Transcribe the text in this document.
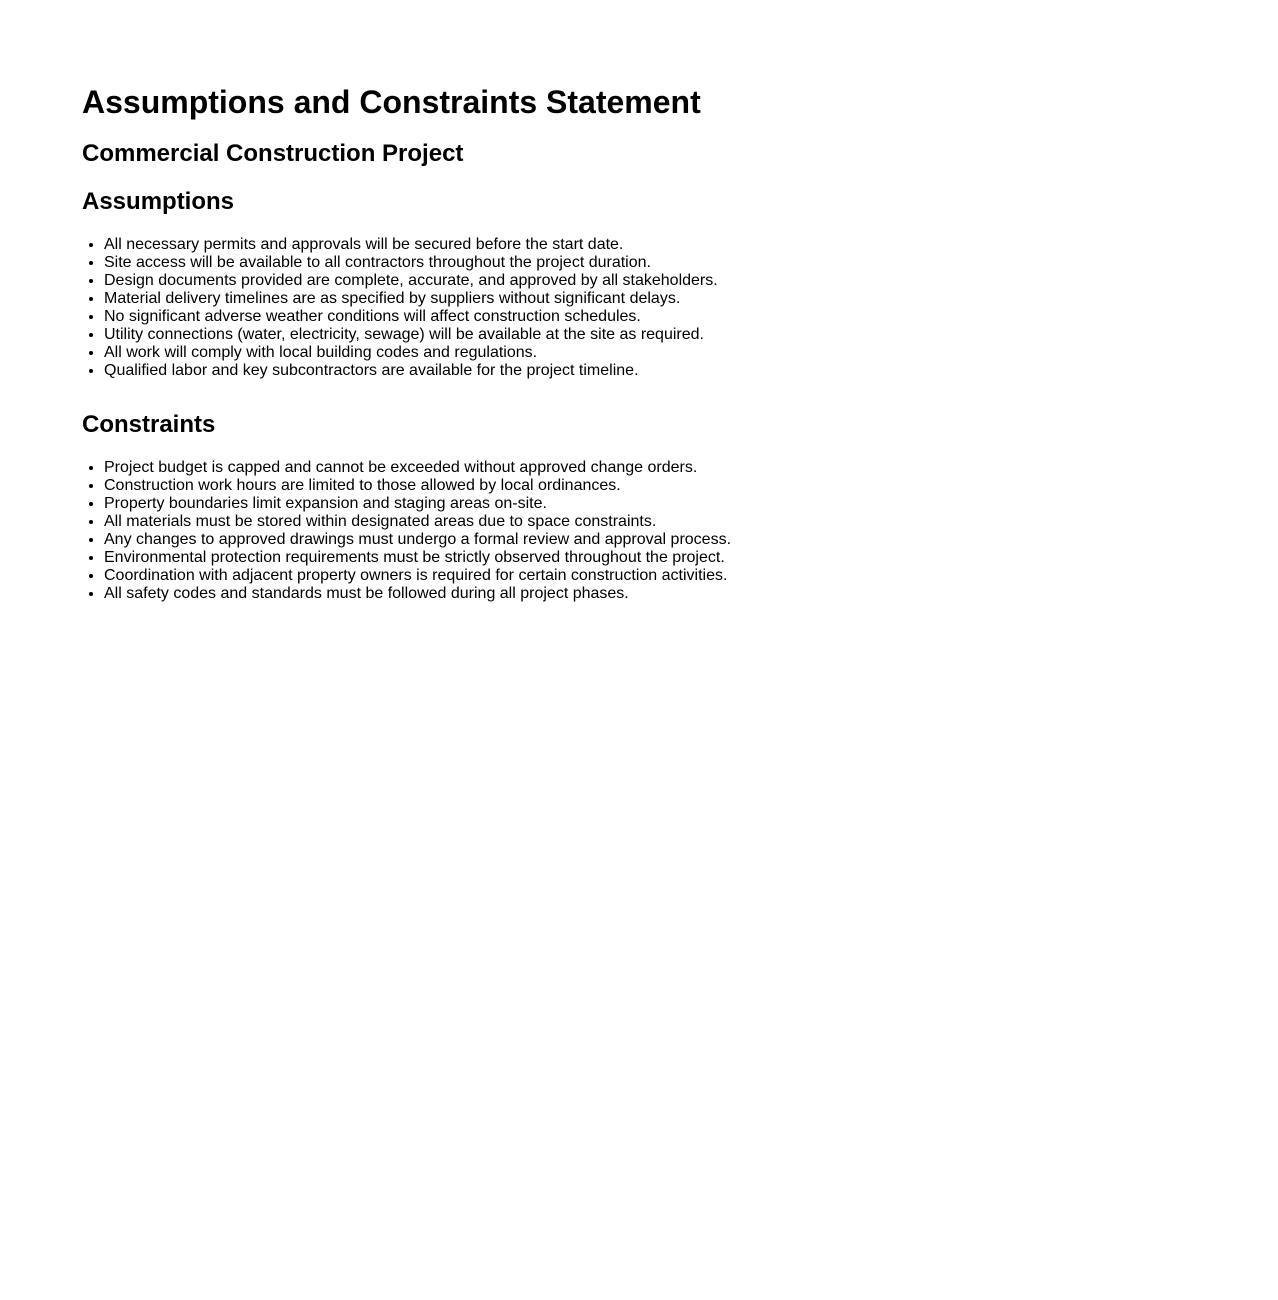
Assumptions and Constraints Statement
Commercial Construction Project
Assumptions
• All necessary permits and approvals will be secured before the start date.
• Site access will be available to all contractors throughout the project duration.
• Design documents provided are complete, accurate, and approved by all stakeholders.
• Material delivery timelines are as specified by suppliers without significant delays.
• No significant adverse weather conditions will affect construction schedules.
• Utility connections (water, electricity, sewage) will be available at the site as required.
• All work will comply with local building codes and regulations.
• Qualified labor and key subcontractors are available for the project timeline.
Constraints
• Project budget is capped and cannot be exceeded without approved change orders.
• Construction work hours are limited to those allowed by local ordinances.
• Property boundaries limit expansion and staging areas on-site.
• All materials must be stored within designated areas due to space constraints.
• Any changes to approved drawings must undergo a formal review and approval process.
• Environmental protection requirements must be strictly observed throughout the project.
• Coordination with adjacent property owners is required for certain construction activities.
• All safety codes and standards must be followed during all project phases.
